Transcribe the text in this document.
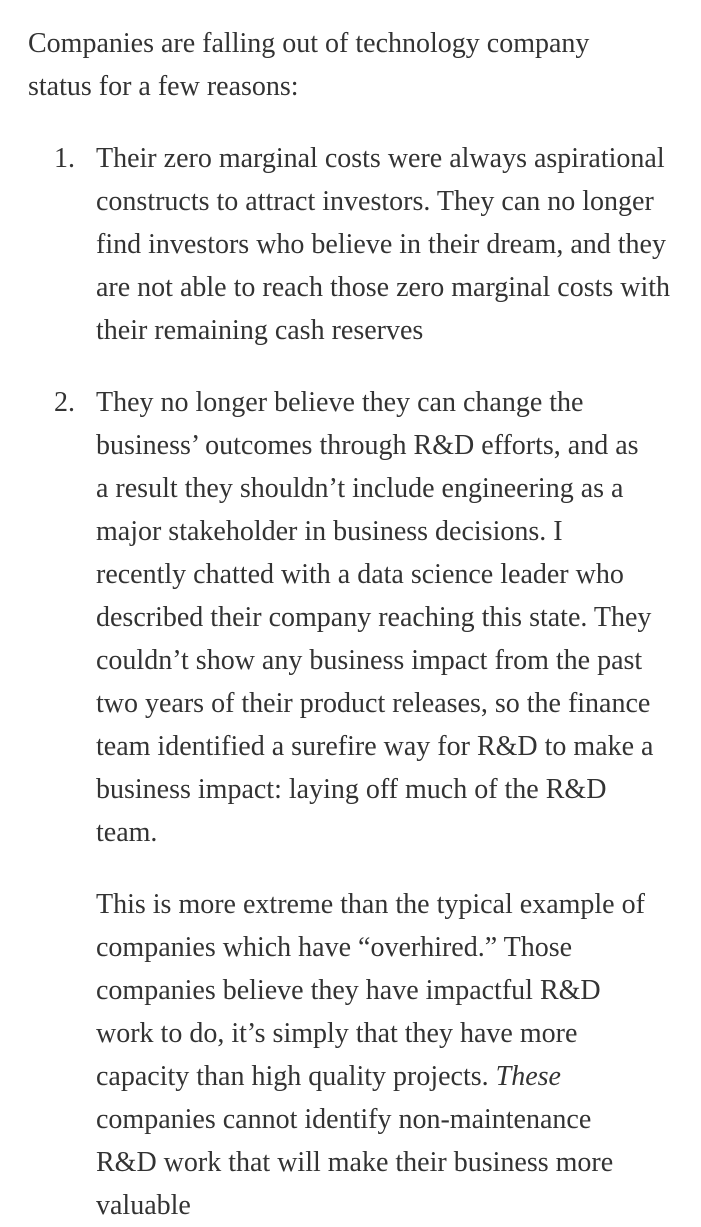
Companies are falling out of technology company status for a few reasons:

1. Their zero marginal costs were always aspirational constructs to attract investors. They can no longer find investors who believe in their dream, and they are not able to reach those zero marginal costs with their remaining cash reserves
2. They no longer believe they can change the business’ outcomes through R&D efforts, and as a result they shouldn’t include engineering as a major stakeholder in business decisions. I recently chatted with a data science leader who described their company reaching this state. They couldn’t show any business impact from the past two years of their product releases, so the finance team identified a surefire way for R&D to make a business impact: laying off much of the R&D team.
This is more extreme than the typical example of companies which have “overhired.” Those companies believe they have impactful R&D work to do, it’s simply that they have more capacity than high quality projects. These companies cannot identify non-maintenance R&D work that will make their business more valuable
